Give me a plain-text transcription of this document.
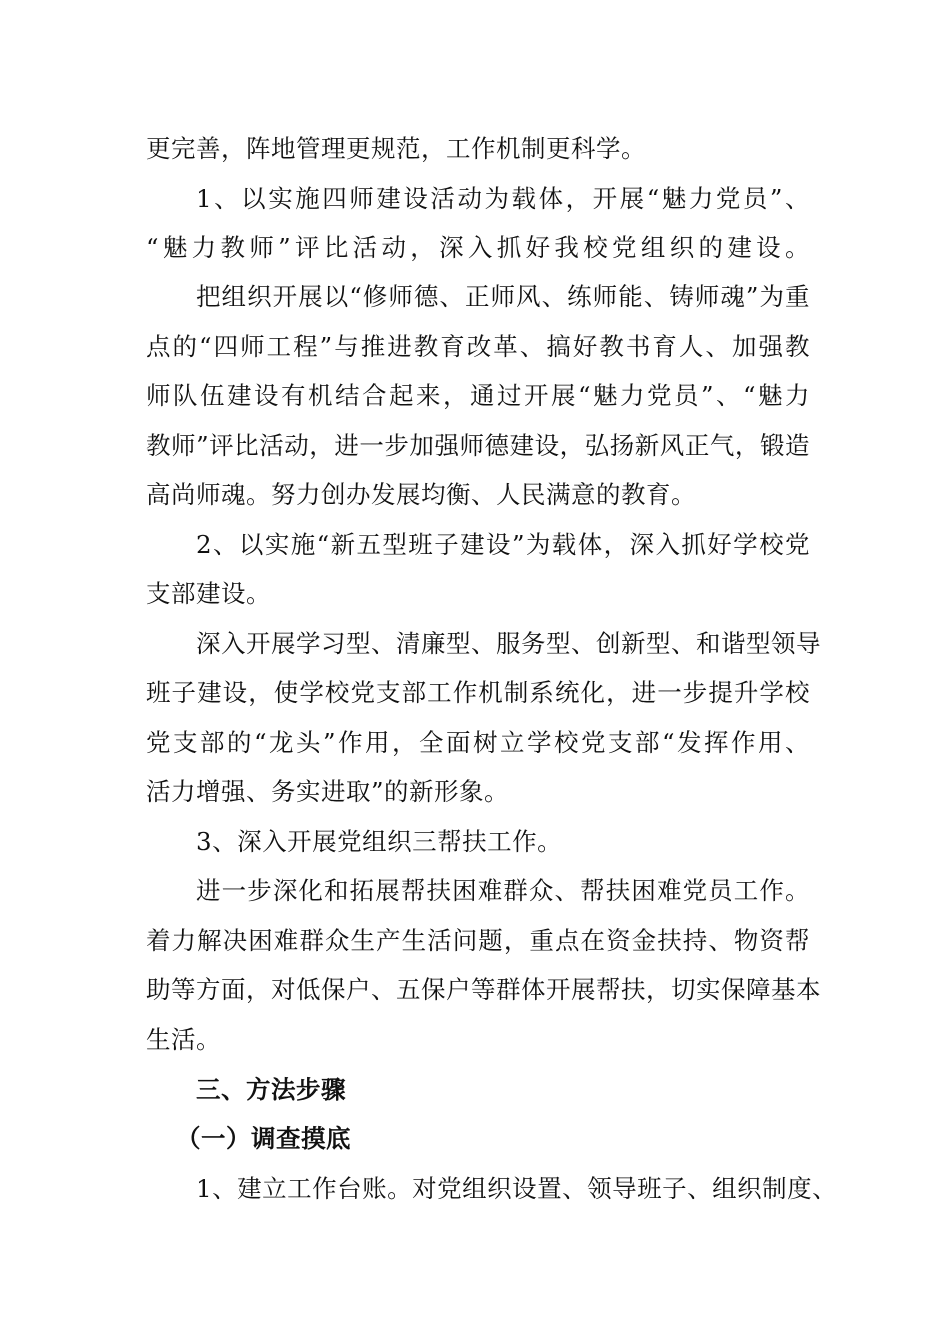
更完善，阵地管理更规范，工作机制更科学。
1、以实施四师建设活动为载体，开展“魅力党员”、
“魅力教师”评比活动，深入抓好我校党组织的建设。
把组织开展以“修师德、正师风、练师能、铸师魂”为重
点的“四师工程”与推进教育改革、搞好教书育人、加强教
师队伍建设有机结合起来，通过开展“魅力党员”、“魅力
教师”评比活动，进一步加强师德建设，弘扬新风正气，锻造
高尚师魂。努力创办发展均衡、人民满意的教育。
2、以实施“新五型班子建设”为载体，深入抓好学校党
支部建设。
深入开展学习型、清廉型、服务型、创新型、和谐型领导
班子建设，使学校党支部工作机制系统化，进一步提升学校
党支部的“龙头”作用，全面树立学校党支部“发挥作用、
活力增强、务实进取”的新形象。
3、深入开展党组织三帮扶工作。
进一步深化和拓展帮扶困难群众、帮扶困难党员工作。
着力解决困难群众生产生活问题，重点在资金扶持、物资帮
助等方面，对低保户、五保户等群体开展帮扶，切实保障基本
生活。
三、方法步骤
（一）调查摸底
1、建立工作台账。对党组织设置、领导班子、组织制度、
